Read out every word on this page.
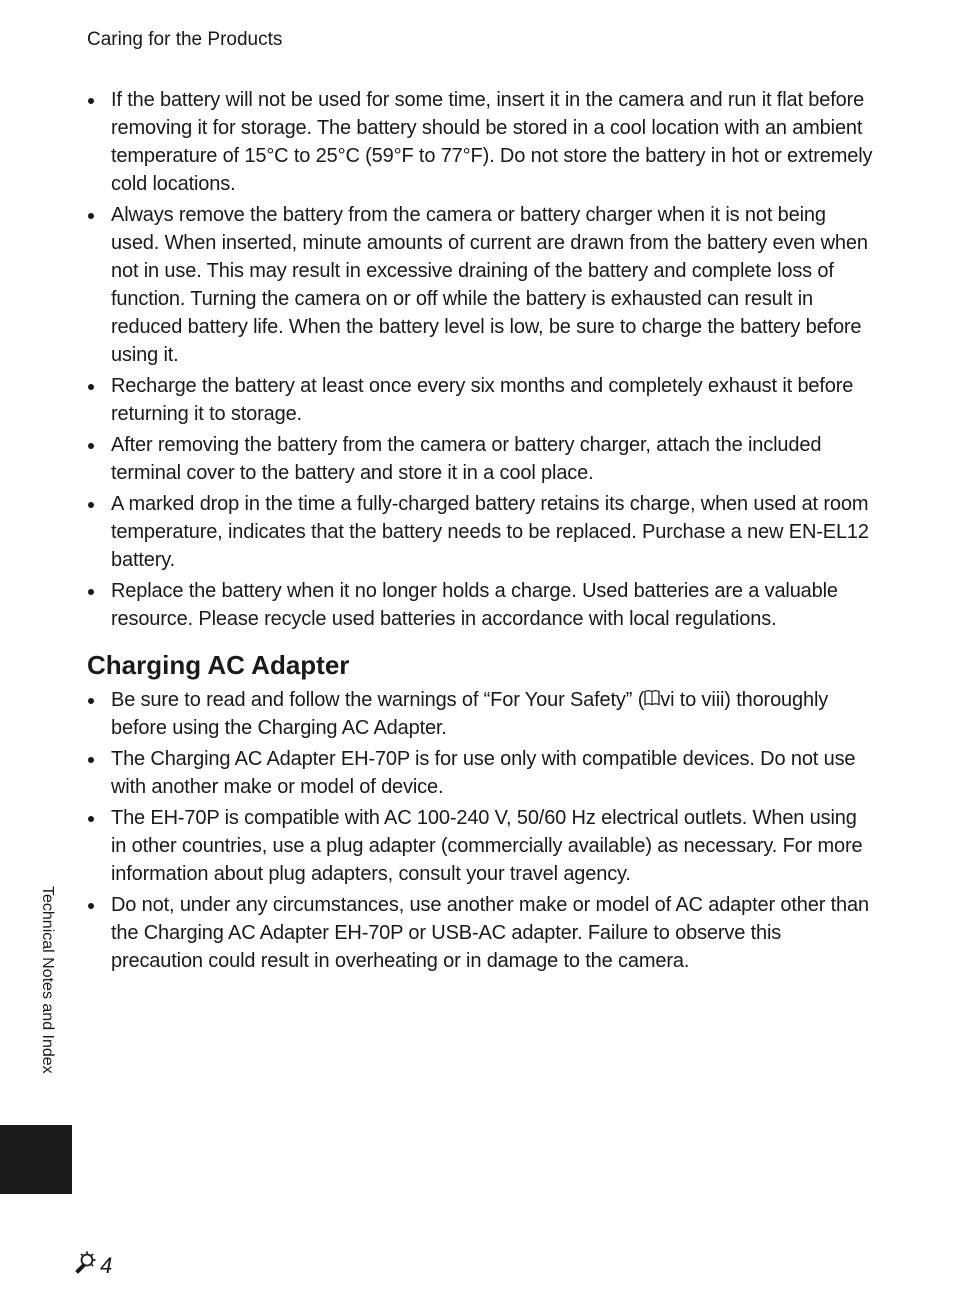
Caring for the Products
If the battery will not be used for some time, insert it in the camera and run it flat before removing it for storage. The battery should be stored in a cool location with an ambient temperature of 15°C to 25°C (59°F to 77°F). Do not store the battery in hot or extremely cold locations.
Always remove the battery from the camera or battery charger when it is not being used. When inserted, minute amounts of current are drawn from the battery even when not in use. This may result in excessive draining of the battery and complete loss of function. Turning the camera on or off while the battery is exhausted can result in reduced battery life. When the battery level is low, be sure to charge the battery before using it.
Recharge the battery at least once every six months and completely exhaust it before returning it to storage.
After removing the battery from the camera or battery charger, attach the included terminal cover to the battery and store it in a cool place.
A marked drop in the time a fully-charged battery retains its charge, when used at room temperature, indicates that the battery needs to be replaced. Purchase a new EN-EL12 battery.
Replace the battery when it no longer holds a charge. Used batteries are a valuable resource. Please recycle used batteries in accordance with local regulations.
Charging AC Adapter
Be sure to read and follow the warnings of “For Your Safety” ( vi to viii) thoroughly before using the Charging AC Adapter.
The Charging AC Adapter EH-70P is for use only with compatible devices. Do not use with another make or model of device.
The EH-70P is compatible with AC 100-240 V, 50/60 Hz electrical outlets. When using in other countries, use a plug adapter (commercially available) as necessary. For more information about plug adapters, consult your travel agency.
Do not, under any circumstances, use another make or model of AC adapter other than the Charging AC Adapter EH-70P or USB-AC adapter. Failure to observe this precaution could result in overheating or in damage to the camera.
Technical Notes and Index
4
